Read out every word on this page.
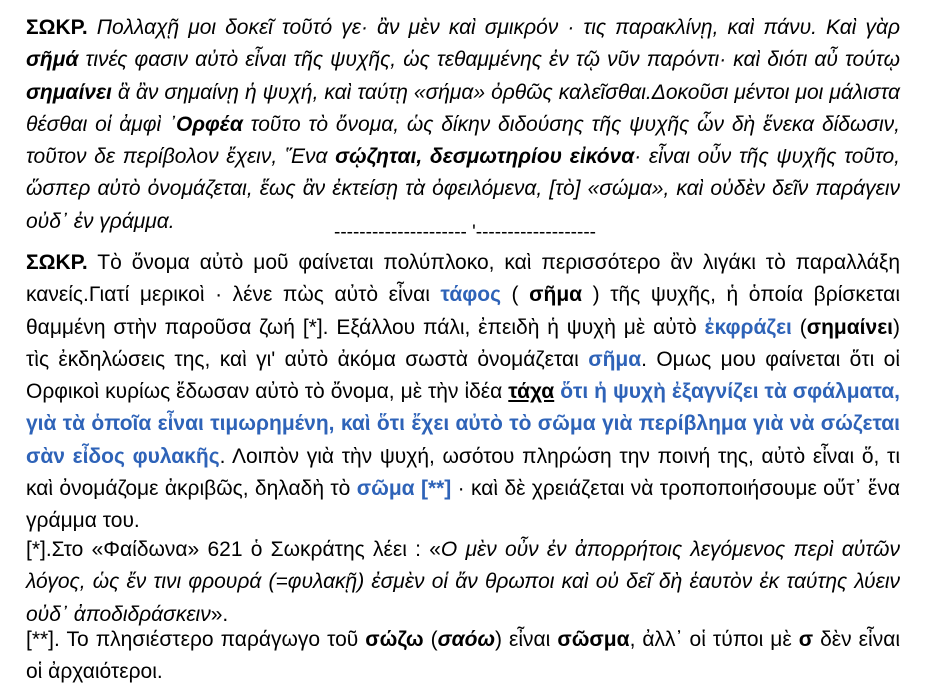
ΣΩΚΡ. Πολλαχῇ μοι δοκεῖ τοῦτό γε· ἂν μὲν καὶ σμικρόν · τις παρακλίνῃ, καὶ πάνυ. Καὶ γὰρ σῆμά τινές φασιν αὐτὸ εἶναι τῆς ψυχῆς, ὡς τεθαμμένης ἐν τῷ νῦν παρόντι· καὶ διότι αὖ τούτῳ σημαίνει ἃ ἂν σημαίνῃ ἡ ψυχή, καὶ ταύτῃ «σήμα» ὀρθῶς καλεῖσθαι.Δοκοῦσι μέντοι μοι μάλιστα θέσθαι οἱ ἀμφὶ ᾿Ορφέα τοῦτο τὸ ὄνομα, ὡς δίκην διδούσης τῆς ψυχῆς ὧν δὴ ἕνεκα δίδωσιν, τοῦτον δε περίβολον ἔχειν, Ἕνα σῴζηται, δεσμωτηρίου εἰκόνα· εἶναι οὖν τῆς ψυχῆς τοῦτο, ὥσπερ αὐτὸ ὀνομάζεται, ἕως ἂν ἐκτείσῃ τὰ ὀφειλόμενα, [τὸ] «σώμα», καὶ οὐδὲν δεῖν παράγειν οὐδ᾿ ἐν γράμμα.	--------------------- '-------------------

ΣΩΚΡ. Τὸ ὄνομα αὐτὸ μοῦ φαίνεται πολύπλοκο, καὶ περισσότερο ἂν λιγάκι τὸ παραλλάξη κανείς.Γιατί μερικοὶ · λένε πὼς αὐτὸ εἶναι τάφος ( σῆμα ) τῆς ψυχῆς, ἡ ὁποία βρίσκεται θαμμένη στὴν παροῦσα ζωή [*]. Εξάλλου πάλι, ἐπειδὴ ἡ ψυχὴ μὲ αὐτὸ ἐκφράζει (σημαίνει) τὶς ἐκδηλώσεις της, καὶ γι' αὐτὸ ἀκόμα σωστὰ ὀνομάζεται σῆμα. Ομως μου φαίνεται ὅτι οἱ Ορφικοὶ κυρίως ἔδωσαν αὐτὸ τὸ ὄνομα, μὲ τὴν ἰδέα τάχα ὅτι ἡ ψυχὴ ἐξαγνίζει τὰ σφάλματα, γιὰ τὰ ὁποῖα εἶναι τιμωρημένη, καὶ ὅτι ἔχει αὐτὸ τὸ σῶμα γιὰ περίβλημα γιὰ νὰ σώζεται σὰν εἶδος φυλακῆς. Λοιπὸν γιὰ τὴν ψυχή, ωσότου πληρώση την ποινή της, αὐτὸ εἶναι ὅ, τι καὶ ὀνομάζομε ἀκριβῶς, δηλαδὴ τὸ σῶμα [**] · καὶ δὲ χρειάζεται νὰ τροποποιήσουμε οὔτ᾿ ἕνα γράμμα του.

[*].Στο «Φαίδωνα» 621 ὁ Σωκράτης λέει : «Ο μὲν οὖν ἐν ἀπορρήτοις λεγόμενος περὶ αὐτῶν λόγος, ὡς ἔν τινι φρουρά (=φυλακῇ) ἐσμὲν οἱ ἄν θρωποι καὶ οὐ δεῖ δὴ ἑαυτὸν ἐκ ταύτης λύειν οὐδ᾿ ἀποδιδράσκειν».

[**]. Το πλησιέστερο παράγωγο τοῦ σώζω (σαόω) εἶναι σῶσμα, ἀλλ᾿ οἱ τύποι μὲ σ δὲν εἶναι οἱ ἀρχαιότεροι.
